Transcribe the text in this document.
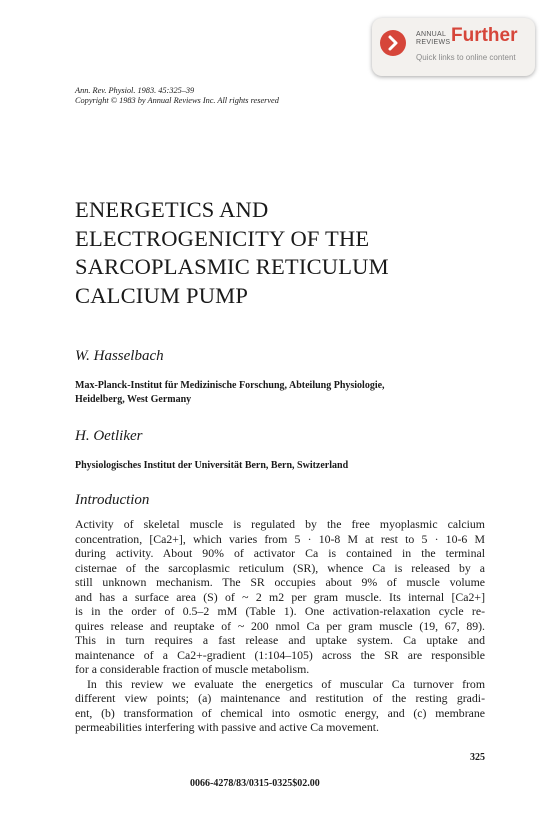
ANNUAL REVIEWS Further
Quick links to online content
Ann. Rev. Physiol. 1983. 45:325–39
Copyright © 1983 by Annual Reviews Inc. All rights reserved
ENERGETICS AND
ELECTROGENICITY OF THE
SARCOPLASMIC RETICULUM
CALCIUM PUMP
W. Hasselbach
Max-Planck-Institut für Medizinische Forschung, Abteilung Physiologie,
Heidelberg, West Germany
H. Oetliker
Physiologisches Institut der Universität Bern, Bern, Switzerland
Introduction
Activity of skeletal muscle is regulated by the free myoplasmic calcium
concentration, [Ca2+], which varies from 5 · 10-8 M at rest to 5 · 10-6 M
during activity. About 90% of activator Ca is contained in the terminal
cisternae of the sarcoplasmic reticulum (SR), whence Ca is released by a
still unknown mechanism. The SR occupies about 9% of muscle volume
and has a surface area (S) of ~ 2 m2 per gram muscle. Its internal [Ca2+]
is in the order of 0.5–2 mM (Table 1). One activation-relaxation cycle re-
quires release and reuptake of ~ 200 nmol Ca per gram muscle (19, 67, 89).
This in turn requires a fast release and uptake system. Ca uptake and
maintenance of a Ca2+-gradient (1:104–105) across the SR are responsible
for a considerable fraction of muscle metabolism.
In this review we evaluate the energetics of muscular Ca turnover from
different view points; (a) maintenance and restitution of the resting gradi-
ent, (b) transformation of chemical into osmotic energy, and (c) membrane
permeabilities interfering with passive and active Ca movement.
325
0066-4278/83/0315-0325$02.00
